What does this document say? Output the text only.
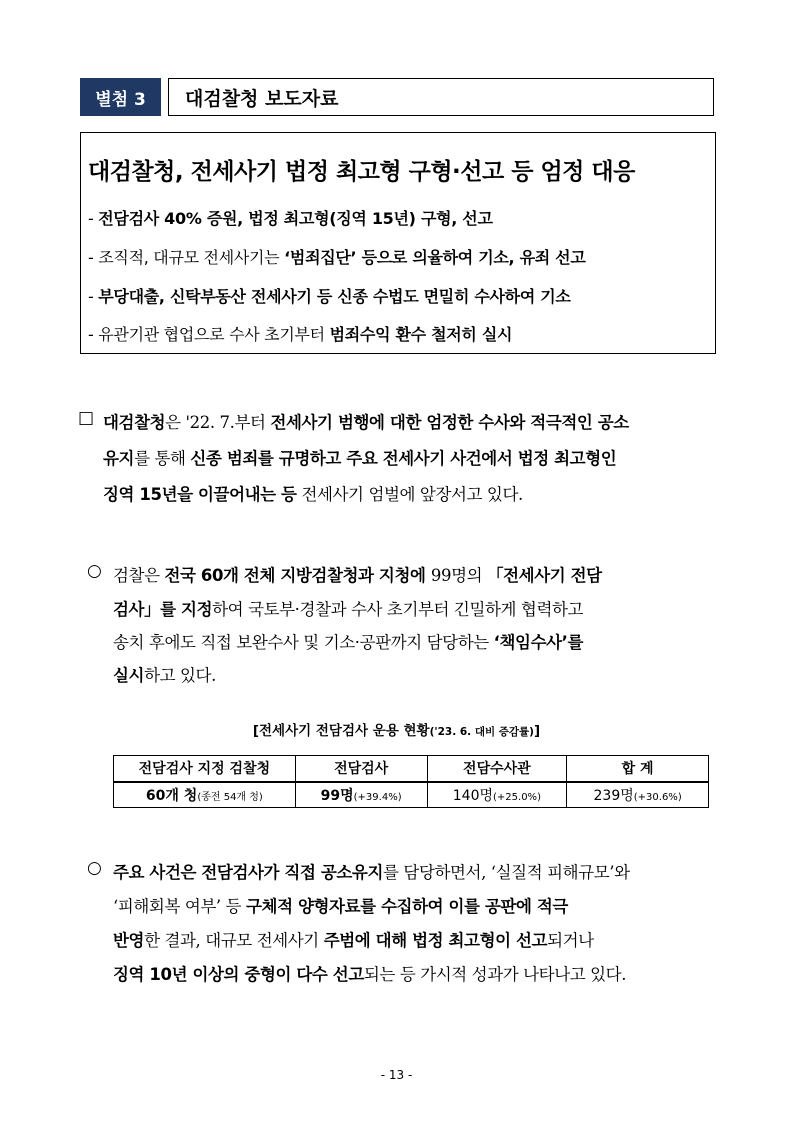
별첨 3	대검찰청 보도자료
대검찰청, 전세사기 법정 최고형 구형·선고 등 엄정 대응
- 전담검사 40% 증원, 법정 최고형(징역 15년) 구형, 선고
- 조직적, 대규모 전세사기는 ‘범죄집단’ 등으로 의율하여 기소, 유죄 선고
- 부당대출, 신탁부동산 전세사기 등 신종 수법도 면밀히 수사하여 기소
- 유관기관 협업으로 수사 초기부터 범죄수익 환수 철저히 실시
□ 대검찰청은 '22. 7.부터 전세사기 범행에 대한 엄정한 수사와 적극적인 공소
유지를 통해 신종 범죄를 규명하고 주요 전세사기 사건에서 법정 최고형인
징역 15년을 이끌어내는 등 전세사기 엄벌에 앞장서고 있다.
○ 검찰은 전국 60개 전체 지방검찰청과 지청에 99명의 「전세사기 전담
검사」를 지정하여 국토부·경찰과 수사 초기부터 긴밀하게 협력하고
송치 후에도 직접 보완수사 및 기소·공판까지 담당하는 ‘책임수사’를
실시하고 있다.
[전세사기 전담검사 운용 현황('23. 6. 대비 증감률)]
전담검사 지정 검찰청	전담검사	전담수사관	합 계
60개 청(종전 54개 청)	99명(+39.4%)	140명(+25.0%)	239명(+30.6%)
○ 주요 사건은 전담검사가 직접 공소유지를 담당하면서, ‘실질적 피해규모’와
‘피해회복 여부’ 등 구체적 양형자료를 수집하여 이를 공판에 적극
반영한 결과, 대규모 전세사기 주범에 대해 법정 최고형이 선고되거나
징역 10년 이상의 중형이 다수 선고되는 등 가시적 성과가 나타나고 있다.
- 13 -
